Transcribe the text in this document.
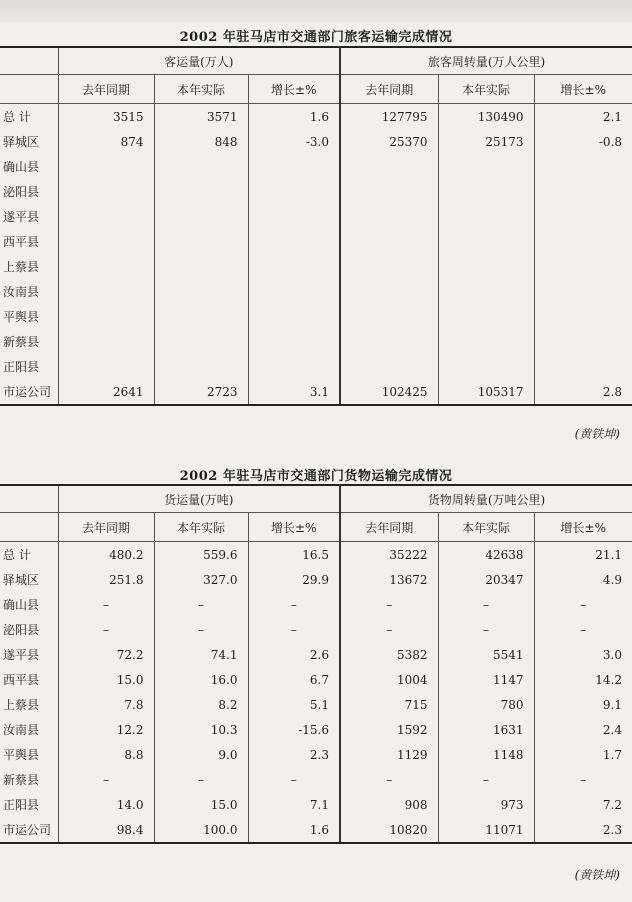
2002 年驻马店市交通部门旅客运输完成情况
	客运量(万人)			旅客周转量(万人公里)		
	去年同期	本年实际	增长±%	去年同期	本年实际	增长±%
总 计	3515	3571	1.6	127795	130490	2.1
驿城区	874	848	-3.0	25370	25173	-0.8
确山县						
泌阳县						
遂平县						
西平县						
上蔡县						
汝南县						
平舆县						
新蔡县						
正阳县						
市运公司	2641	2723	3.1	102425	105317	2.8
(黄铁坤)
2002 年驻马店市交通部门货物运输完成情况
	货运量(万吨)			货物周转量(万吨公里)		
	去年同期	本年实际	增长±%	去年同期	本年实际	增长±%
总 计	480.2	559.6	16.5	35222	42638	21.1
驿城区	251.8	327.0	29.9	13672	20347	4.9
确山县	–	–	–	–	–	–
泌阳县	–	–	–	–	–	–
遂平县	72.2	74.1	2.6	5382	5541	3.0
西平县	15.0	16.0	6.7	1004	1147	14.2
上蔡县	7.8	8.2	5.1	715	780	9.1
汝南县	12.2	10.3	-15.6	1592	1631	2.4
平舆县	8.8	9.0	2.3	1129	1148	1.7
新蔡县	–	–	–	–	–	–
正阳县	14.0	15.0	7.1	908	973	7.2
市运公司	98.4	100.0	1.6	10820	11071	2.3
(黄铁坤)
